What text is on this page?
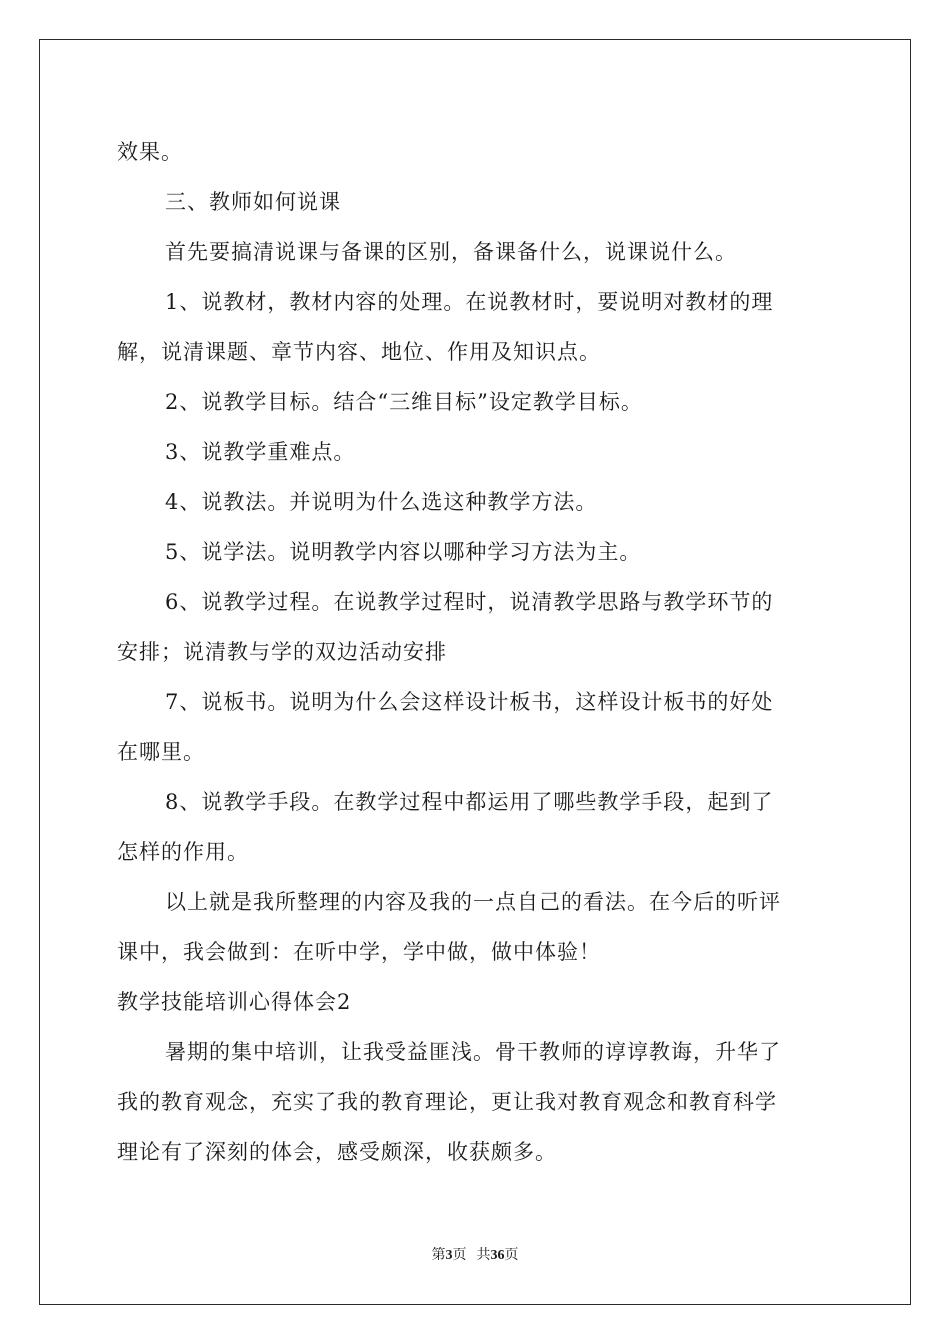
效果。
三、教师如何说课
首先要搞清说课与备课的区别，备课备什么，说课说什么。
1、说教材，教材内容的处理。在说教材时，要说明对教材的理
解，说清课题、章节内容、地位、作用及知识点。
2、说教学目标。结合“三维目标”设定教学目标。
3、说教学重难点。
4、说教法。并说明为什么选这种教学方法。
5、说学法。说明教学内容以哪种学习方法为主。
6、说教学过程。在说教学过程时，说清教学思路与教学环节的
安排；说清教与学的双边活动安排
7、说板书。说明为什么会这样设计板书，这样设计板书的好处
在哪里。
8、说教学手段。在教学过程中都运用了哪些教学手段，起到了
怎样的作用。
以上就是我所整理的内容及我的一点自己的看法。在今后的听评
课中，我会做到：在听中学，学中做，做中体验！
教学技能培训心得体会2
暑期的集中培训，让我受益匪浅。骨干教师的谆谆教诲，升华了
我的教育观念，充实了我的教育理论，更让我对教育观念和教育科学
理论有了深刻的体会，感受颇深，收获颇多。
第3页 共36页
